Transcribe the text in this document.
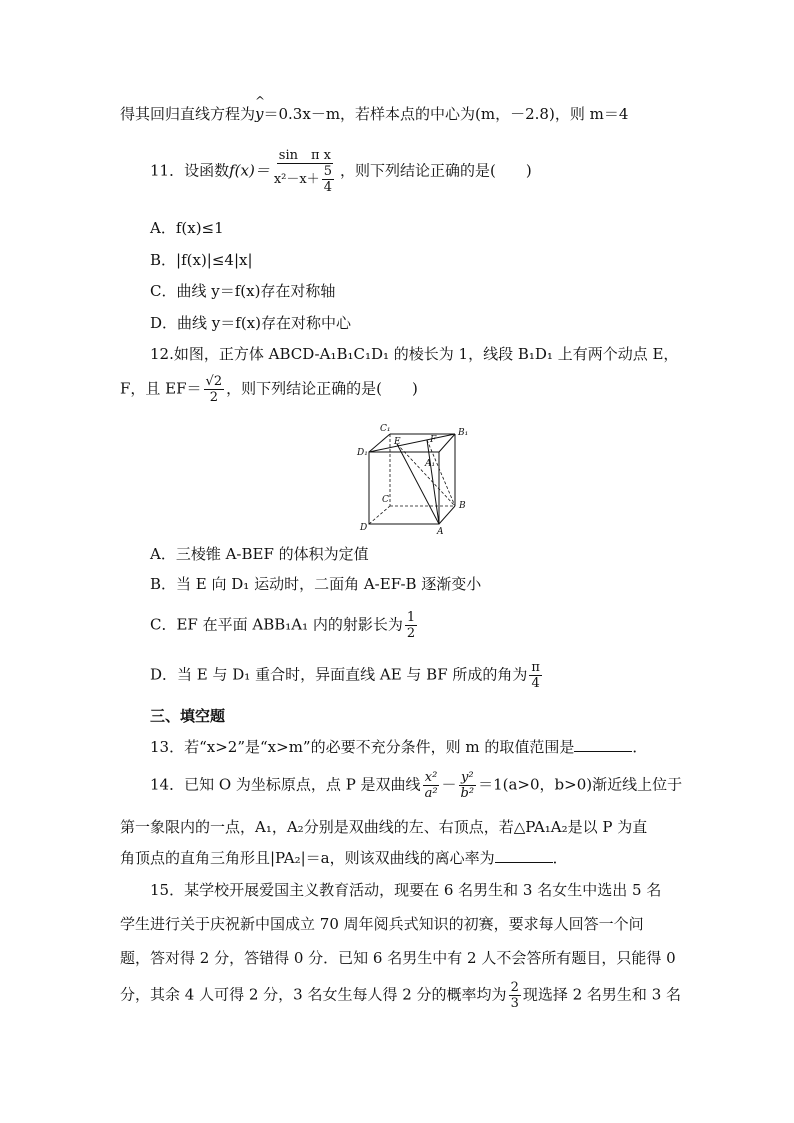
得其回归直线方程为^ y＝0.3x－m，若样本点的中心为(m，－2.8)，则 m＝4
11．设函数$f(x)= \frac{\text{sin　π x}}{x^2-x+ \frac{5}{4}}$ ，则下列结论正确的是(　　)
A．f(x)≤1
B．|f(x)|≤4|x|
C．曲线 y＝f(x)存在对称轴
D．曲线 y＝f(x)存在对称中心
12.如图，正方体 ABCD-A₁B₁C₁D₁ 的棱长为 1，线段 B₁D₁ 上有两个动点 E，
F，且 $EF= \frac{√2}{2}$ ，则下列结论正确的是(　　)
C₁
E	F
B₁
D₁
A₁
C
B
D	A
A．三棱锥 A-BEF 的体积为定值
B．当 E 向 D₁ 运动时，二面角 A-EF-B 逐渐变小
C．EF 在平面 ABB₁A₁ 内的射影长为 $\frac{1}{2}$
D．当 E 与 D₁ 重合时，异面直线 AE 与 BF 所成的角为 $\frac{\pi}{4}$
三、填空题
13．若“x>2”是“x>m”的必要不充分条件，则 m 的取值范围是	．
14．已知 O 为坐标原点，点 P 是双曲线 $\frac{\text{x²}}{\text{a²}} - \frac{\text{y²}}{\text{b²}} =1(a>0$，b>0)渐近线上位于
第一象限内的一点，A₁，A₂分别是双曲线的左、右顶点，若△PA₁A₂是以 P 为直
角顶点的直角三角形且|PA₂|＝a，则该双曲线的离心率为	．
15．某学校开展爱国主义教育活动，现要在 6 名男生和 3 名女生中选出 5 名
学生进行关于庆祝新中国成立 70 周年阅兵式知识的初赛，要求每人回答一个问
题，答对得 2 分，答错得 0 分．已知 6 名男生中有 2 人不会答所有题目，只能得 0
分，其余 4 人可得 2 分，3 名女生每人得 2 分的概率均为 $\frac{2}{3}$ 现选择 2 名男生和 3 名
